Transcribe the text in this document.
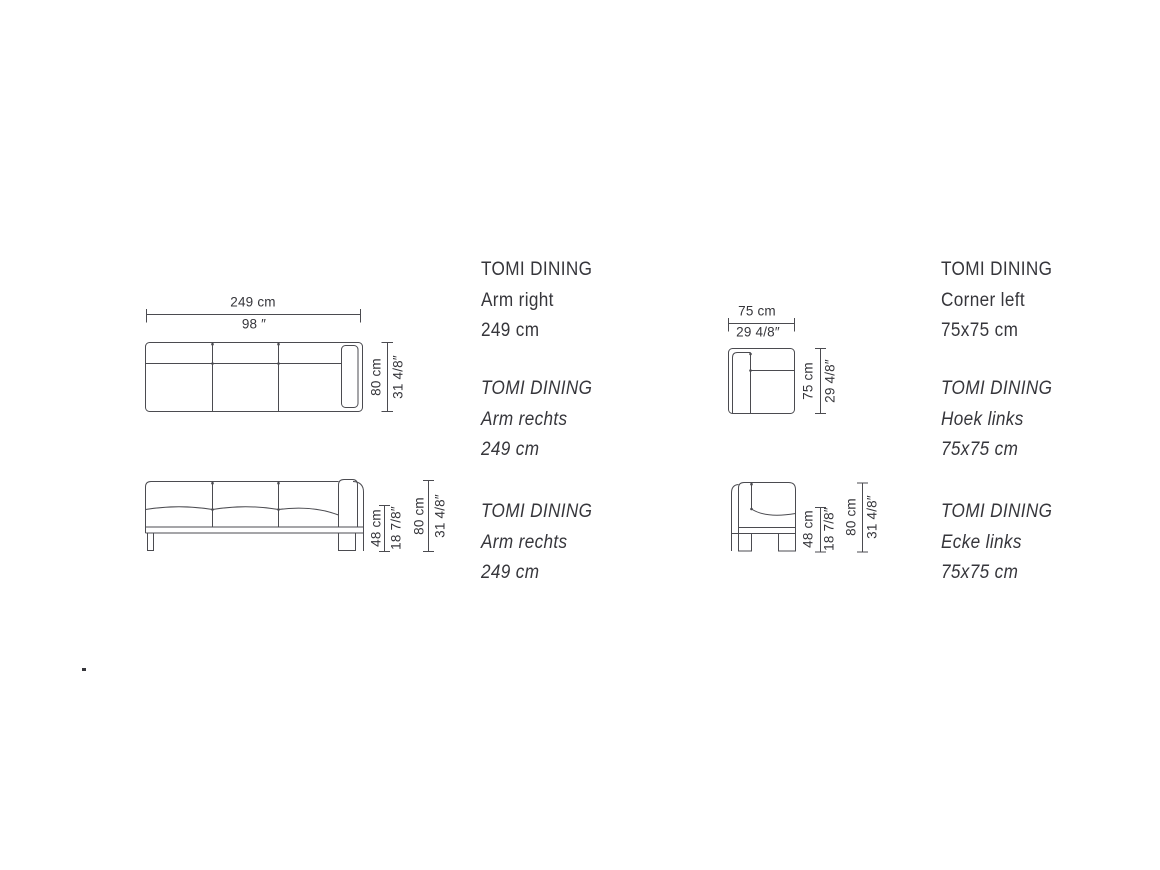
249 cm
98 ″
80 cm 31 4/8″
48 cm 18 7/8″ 80 cm 31 4/8″
75 cm
29 4/8″
75 cm 29 4/8″
48 cm 18 7/8″ 80 cm 31 4/8″
TOMI DINING
Arm right
249 cm
TOMI DINING
Arm rechts
249 cm
TOMI DINING
Arm rechts
249 cm
TOMI DINING
Corner left
75x75 cm
TOMI DINING
Hoek links
75x75 cm
TOMI DINING
Ecke links
75x75 cm
